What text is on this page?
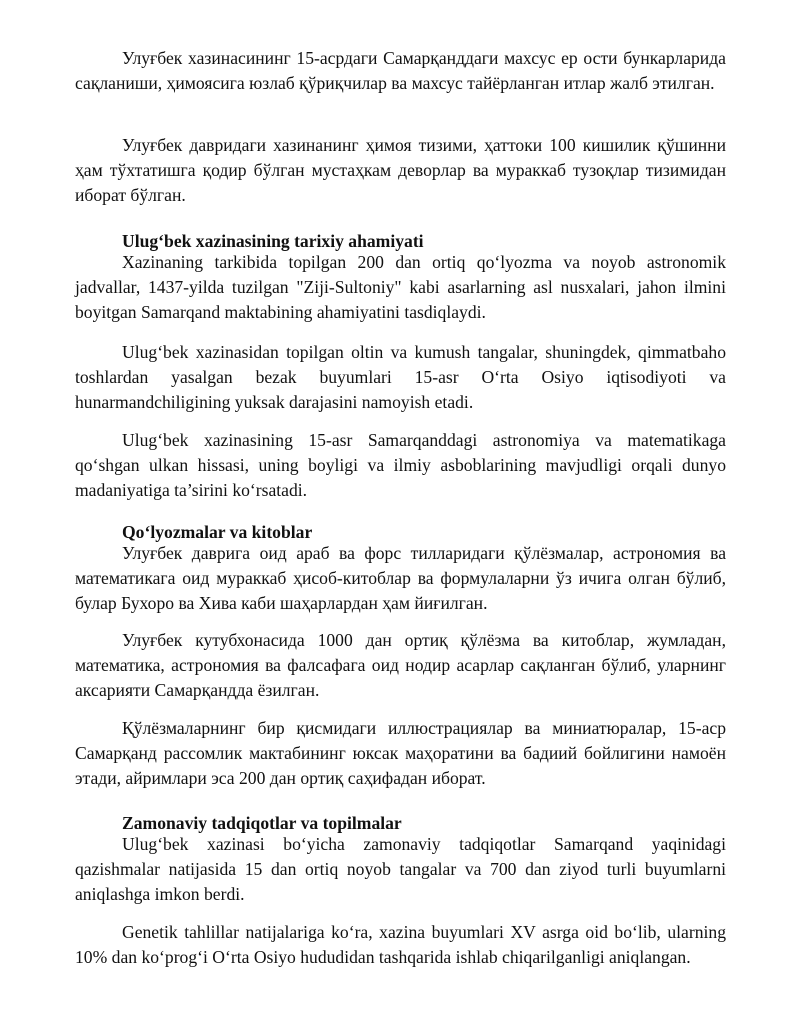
Улуғбек хазинасининг 15-асрдаги Самарқанддаги махсус ер ости бункарларида сақланиши, ҳимоясига юзлаб қўриқчилар ва махсус тайёрланган итлар жалб этилган.

Улуғбек давридаги хазинанинг ҳимоя тизими, ҳаттоки 100 кишилик қўшинни ҳам тўхтатишга қодир бўлган мустаҳкам деворлар ва мураккаб тузоқлар тизимидан иборат бўлган.

Ulug‘bek xazinasining tarixiy ahamiyati

Xazinaning tarkibida topilgan 200 dan ortiq qo‘lyozma va noyob astronomik jadvallar, 1437-yilda tuzilgan "Ziji-Sultoniy" kabi asarlarning asl nusxalari, jahon ilmini boyitgan Samarqand maktabining ahamiyatini tasdiqlaydi.

Ulug‘bek xazinasidan topilgan oltin va kumush tangalar, shuningdek, qimmatbaho toshlardan yasalgan bezak buyumlari 15-asr O‘rta Osiyo iqtisodiyoti va hunarmandchiligining yuksak darajasini namoyish etadi.

Ulug‘bek xazinasining 15-asr Samarqanddagi astronomiya va matematikaga qo‘shgan ulkan hissasi, uning boyligi va ilmiy asboblarining mavjudligi orqali dunyo madaniyatiga ta’sirini ko‘rsatadi.

Qo‘lyozmalar va kitoblar

Улуғбек даврига оид араб ва форс тилларидаги қўлёзмалар, астрономия ва математикага оид мураккаб ҳисоб-китоблар ва формулаларни ўз ичига олган бўлиб, булар Бухоро ва Хива каби шаҳарлардан ҳам йиғилган.

Улуғбек кутубхонасида 1000 дан ортиқ қўлёзма ва китоблар, жумладан, математика, астрономия ва фалсафага оид нодир асарлар сақланган бўлиб, уларнинг аксарияти Самарқандда ёзилган.

Қўлёзмаларнинг бир қисмидаги иллюстрациялар ва миниатюралар, 15-аср Самарқанд рассомлик мактабининг юксак маҳоратини ва бадиий бойлигини намоён этади, айримлари эса 200 дан ортиқ саҳифадан иборат.

Zamonaviy tadqiqotlar va topilmalar

Ulug‘bek xazinasi bo‘yicha zamonaviy tadqiqotlar Samarqand yaqinidagi qazishmalar natijasida 15 dan ortiq noyob tangalar va 700 dan ziyod turli buyumlarni aniqlashga imkon berdi.

Genetik tahlillar natijalariga ko‘ra, xazina buyumlari XV asrga oid bo‘lib, ularning 10% dan ko‘prog‘i O‘rta Osiyo hududidan tashqarida ishlab chiqarilganligi aniqlangan.
